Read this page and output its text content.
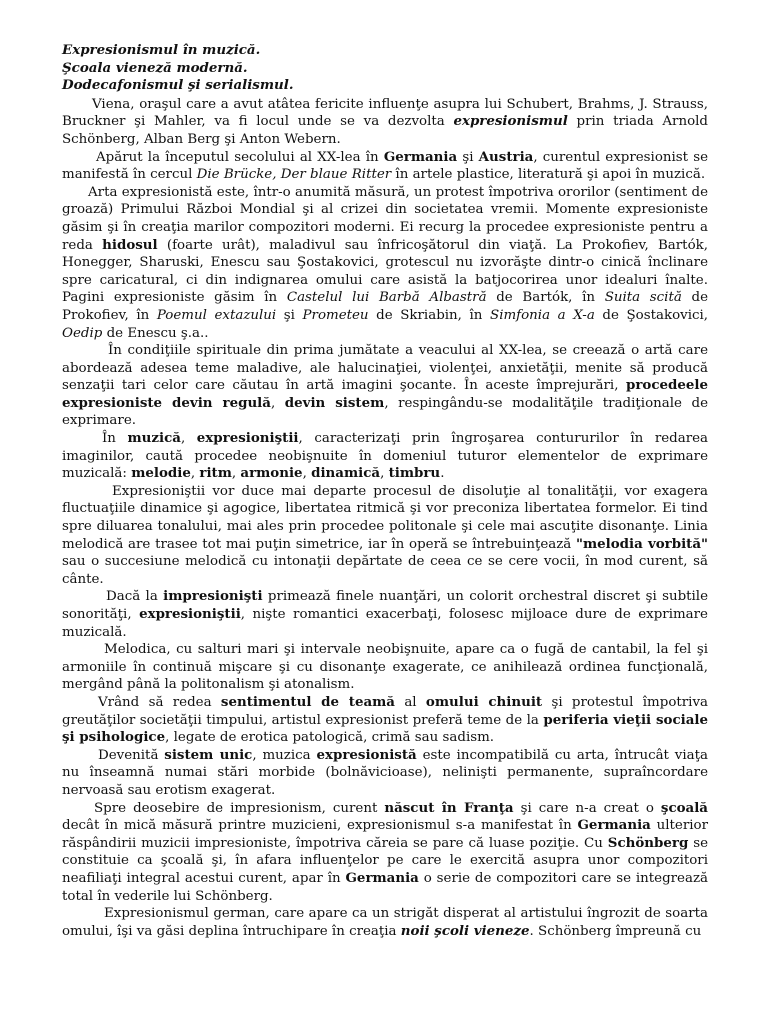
Expresionismul în muzică.

Şcoala vieneză modernă.

Dodecafonismul şi serialismul.

Viena, oraşul care a avut atâtea fericite influenţe asupra lui Schubert, Brahms, J. Strauss, Bruckner şi Mahler, va fi locul unde se va dezvolta expresionismul prin triada Arnold Schönberg, Alban Berg şi Anton Webern.

Apărut la începutul secolului al XX-lea în Germania şi Austria, curentul expresionist se manifestă în cercul Die Brücke, Der blaue Ritter în artele plastice, literatură şi apoi în muzică.

Arta expresionistă este, într-o anumită măsură, un protest împotriva ororilor (sentiment de groază) Primului Război Mondial şi al crizei din societatea vremii. Momente expresioniste găsim şi în creaţia marilor compozitori moderni. Ei recurg la procedee expresioniste pentru a reda hidosul (foarte urât), maladivul sau înfricoşătorul din viaţă. La Prokofiev, Bartók, Honegger, Sharuski, Enescu sau Şostakovici, grotescul nu izvorăşte dintr-o cinică înclinare spre caricatural, ci din indignarea omului care asistă la batjocorirea unor idealuri înalte. Pagini expresioniste găsim în Castelul lui Barbă Albastră de Bartók, în Suita scită de Prokofiev, în Poemul extazului şi Prometeu de Skriabin, în Simfonia a X-a de Şostakovici, Oedip de Enescu ş.a..

În condiţiile spirituale din prima jumătate a veacului al XX-lea, se creează o artă care abordează adesea teme maladive, ale halucinaţiei, violenţei, anxietăţii, menite să producă senzaţii tari celor care căutau în artă imagini şocante. În aceste împrejurări, procedeele expresioniste devin regulă, devin sistem, respingându-se modalităţile tradiţionale de exprimare.

În muzică, expresioniştii, caracterizaţi prin îngroşarea contururilor în redarea imaginilor, caută procedee neobişnuite în domeniul tuturor elementelor de exprimare muzicală: melodie, ritm, armonie, dinamică, timbru.

Expresioniştii vor duce mai departe procesul de disoluţie al tonalităţii, vor exagera fluctuaţiile dinamice şi agogice, libertatea ritmică şi vor preconiza libertatea formelor. Ei tind spre diluarea tonalului, mai ales prin procedee politonale şi cele mai ascuţite disonanţe. Linia melodică are trasee tot mai puţin simetrice, iar în operă se întrebuinţează "melodia vorbită" sau o succesiune melodică cu intonaţii depărtate de ceea ce se cere vocii, în mod curent, să cânte.

Dacă la impresionişti primează finele nuanţări, un colorit orchestral discret şi subtile sonorităţi, expresioniştii, nişte romantici exacerbaţi, folosesc mijloace dure de exprimare muzicală.

Melodica, cu salturi mari şi intervale neobişnuite, apare ca o fugă de cantabil, la fel şi armoniile în continuă mişcare şi cu disonanţe exagerate, ce anihilează ordinea funcţională, mergând până la politonalism şi atonalism.

Vrând să redea sentimentul de teamă al omului chinuit şi protestul împotriva greutăţilor societăţii timpului, artistul expresionist preferă teme de la periferia vieţii sociale şi psihologice, legate de erotica patologică, crimă sau sadism.

Devenită sistem unic, muzica expresionistă este incompatibilă cu arta, întrucât viaţa nu înseamnă numai stări morbide (bolnăvicioase), nelinişti permanente, supraîncordare nervoasă sau erotism exagerat.

Spre deosebire de impresionism, curent născut în Franţa şi care n-a creat o şcoală decât în mică măsură printre muzicieni, expresionismul s-a manifestat în Germania ulterior răspândirii muzicii impresioniste, împotriva căreia se pare că luase poziţie. Cu Schönberg se constituie ca şcoală şi, în afara influenţelor pe care le exercită asupra unor compozitori neafiliaţi integral acestui curent, apar în Germania o serie de compozitori care se integrează total în vederile lui Schönberg.

Expresionismul german, care apare ca un strigăt disperat al artistului îngrozit de soarta omului, îşi va găsi deplina întruchipare în creaţia noii şcoli vieneze. Schönberg împreună cu
